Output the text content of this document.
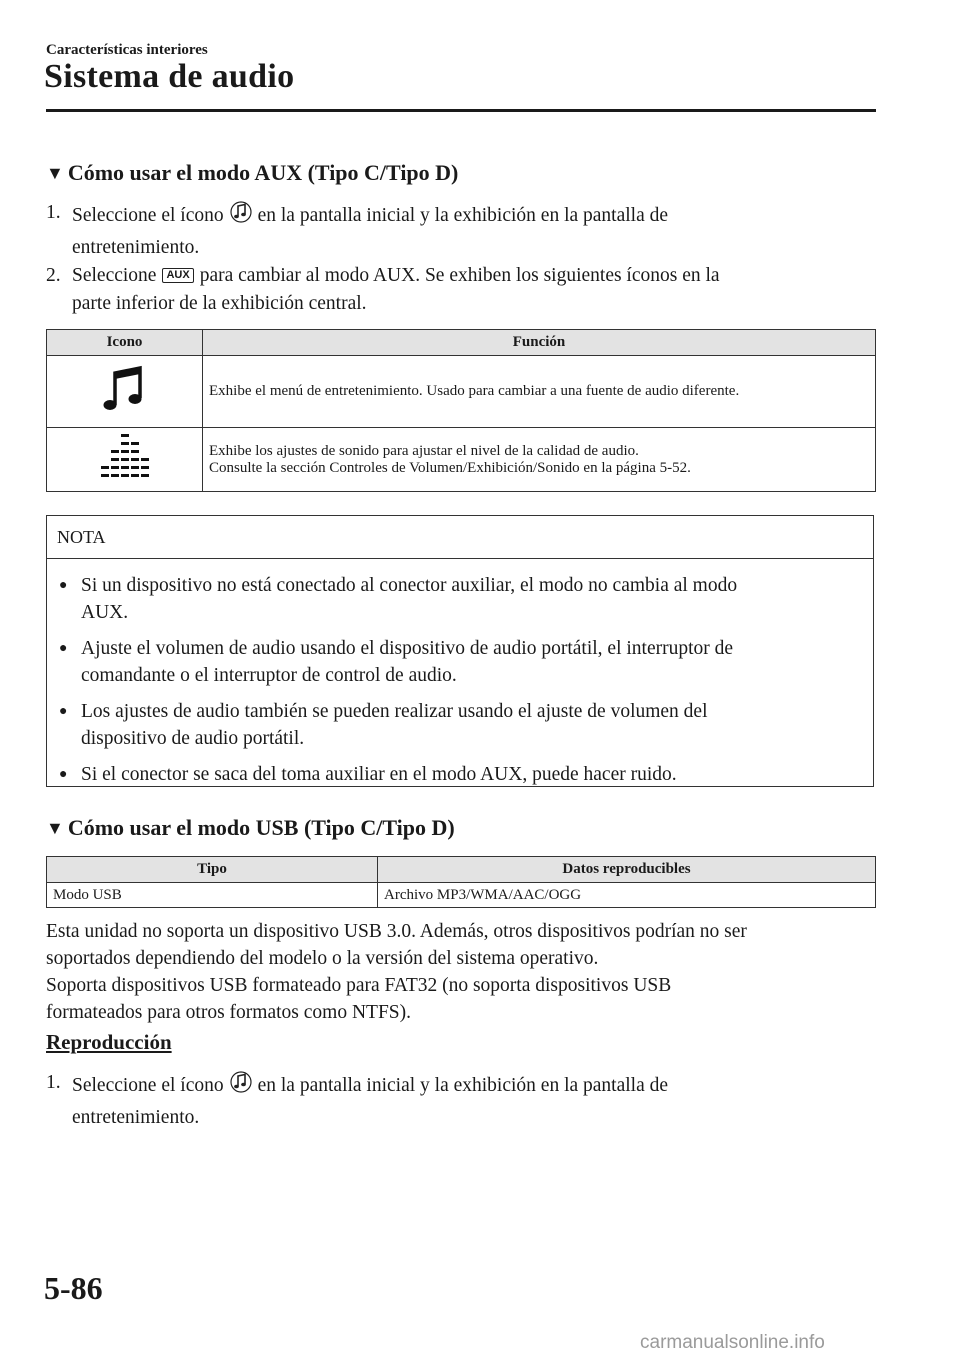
Características interiores
Sistema de audio
▼ Cómo usar el modo AUX (Tipo C/Tipo D)
1. Seleccione el ícono en la pantalla inicial y la exhibición en la pantalla de
entretenimiento.
2. Seleccione AUX para cambiar al modo AUX. Se exhiben los siguientes íconos en la
parte inferior de la exhibición central.
Icono	Función
	Exhibe el menú de entretenimiento. Usado para cambiar a una fuente de audio diferente.
	Exhibe los ajustes de sonido para ajustar el nivel de la calidad de audio.
Consulte la sección Controles de Volumen/Exhibición/Sonido en la página 5-52.
NOTA
● Si un dispositivo no está conectado al conector auxiliar, el modo no cambia al modo
AUX.
● Ajuste el volumen de audio usando el dispositivo de audio portátil, el interruptor de
comandante o el interruptor de control de audio.
● Los ajustes de audio también se pueden realizar usando el ajuste de volumen del
dispositivo de audio portátil.
● Si el conector se saca del toma auxiliar en el modo AUX, puede hacer ruido.
▼ Cómo usar el modo USB (Tipo C/Tipo D)
Tipo	Datos reproducibles
Modo USB	Archivo MP3/WMA/AAC/OGG
Esta unidad no soporta un dispositivo USB 3.0. Además, otros dispositivos podrían no ser
soportados dependiendo del modelo o la versión del sistema operativo.
Soporta dispositivos USB formateado para FAT32 (no soporta dispositivos USB
formateados para otros formatos como NTFS).
Reproducción
1. Seleccione el ícono en la pantalla inicial y la exhibición en la pantalla de
entretenimiento.
5-86
carmanualsonline.info
